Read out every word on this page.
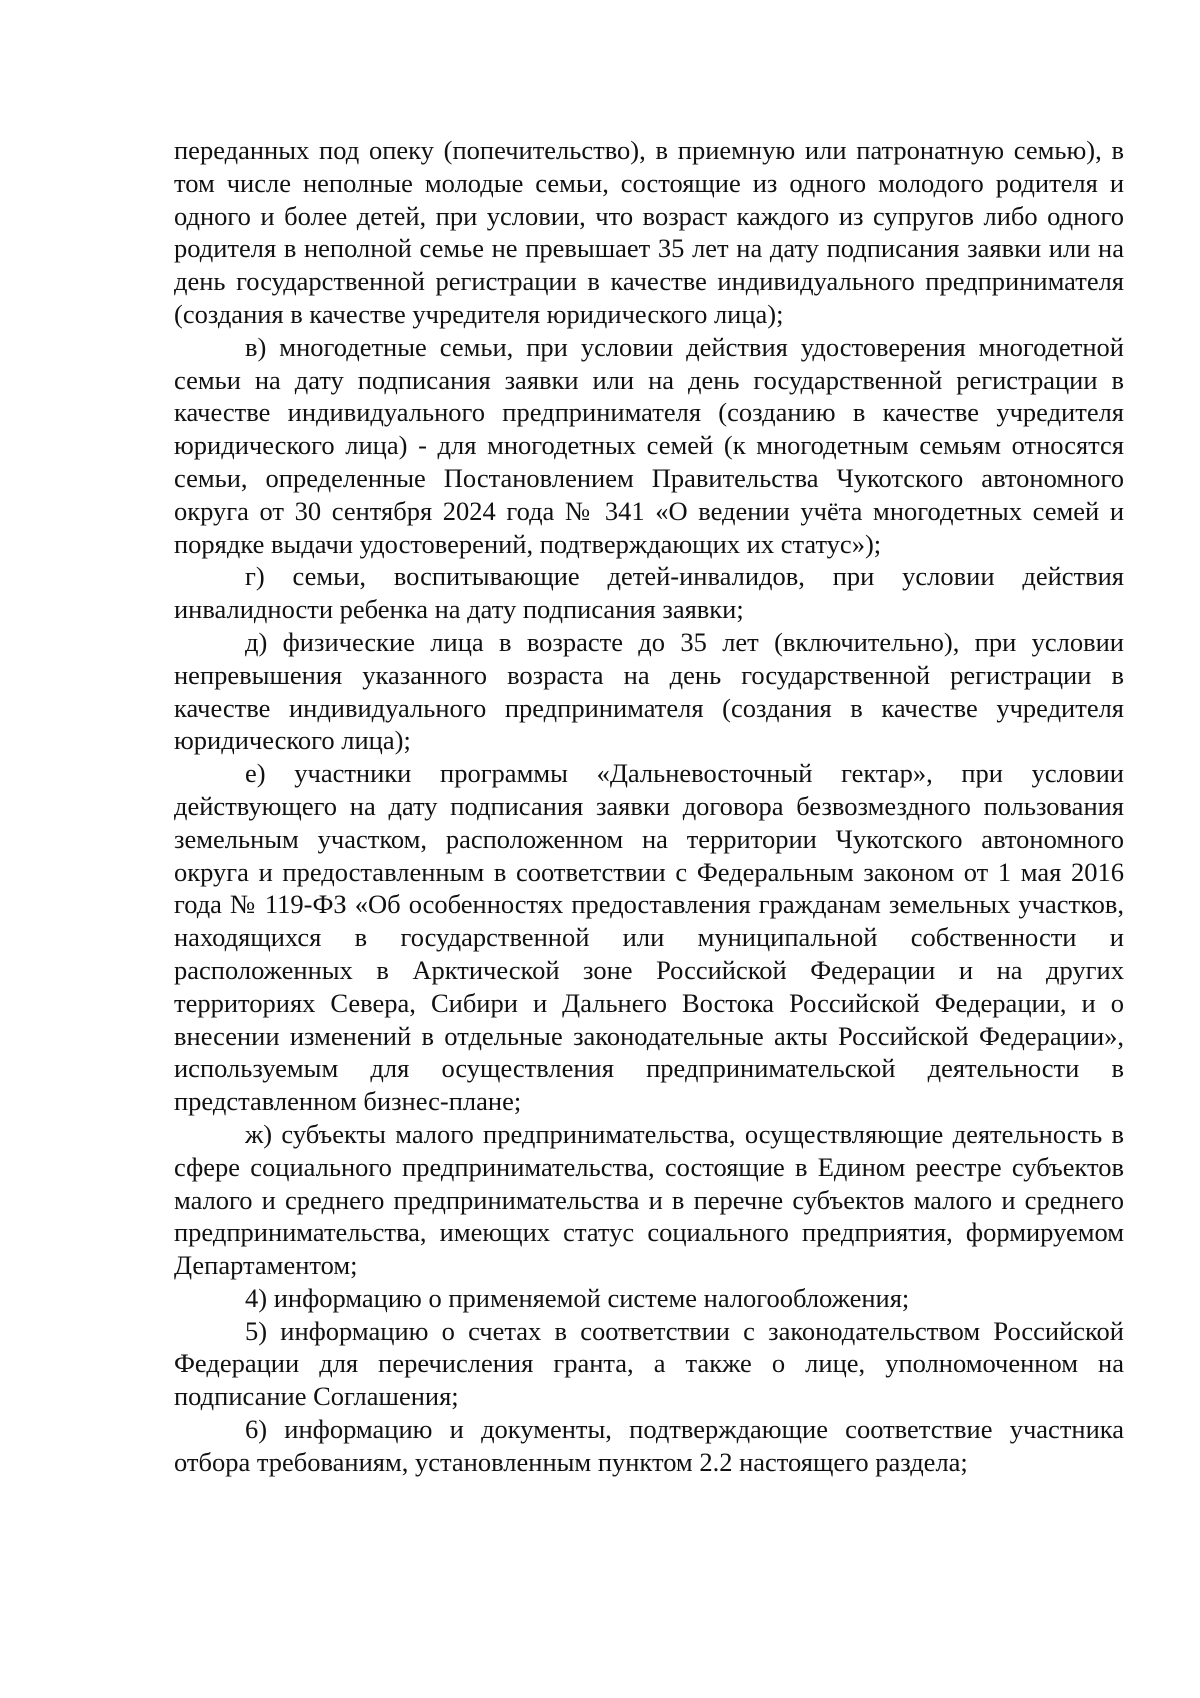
переданных под опеку (попечительство), в приемную или патронатную семью), в том числе неполные молодые семьи, состоящие из одного молодого родителя и одного и более детей, при условии, что возраст каждого из супругов либо одного родителя в неполной семье не превышает 35 лет на дату подписания заявки или на день государственной регистрации в качестве индивидуального предпринимателя (создания в качестве учредителя юридического лица);

в) многодетные семьи, при условии действия удостоверения многодетной семьи на дату подписания заявки или на день государственной регистрации в качестве индивидуального предпринимателя (созданию в качестве учредителя юридического лица) - для многодетных семей (к многодетным семьям относятся семьи, определенные Постановлением Правительства Чукотского автономного округа от 30 сентября 2024 года № 341 «О ведении учёта многодетных семей и порядке выдачи удостоверений, подтверждающих их статус»);

г) семьи, воспитывающие детей-инвалидов, при условии действия инвалидности ребенка на дату подписания заявки;

д) физические лица в возрасте до 35 лет (включительно), при условии непревышения указанного возраста на день государственной регистрации в качестве индивидуального предпринимателя (создания в качестве учредителя юридического лица);

е) участники программы «Дальневосточный гектар», при условии действующего на дату подписания заявки договора безвозмездного пользования земельным участком, расположенном на территории Чукотского автономного округа и предоставленным в соответствии с Федеральным законом от 1 мая 2016 года № 119-ФЗ «Об особенностях предоставления гражданам земельных участков, находящихся в государственной или муниципальной собственности и расположенных в Арктической зоне Российской Федерации и на других территориях Севера, Сибири и Дальнего Востока Российской Федерации, и о внесении изменений в отдельные законодательные акты Российской Федерации», используемым для осуществления предпринимательской деятельности в представленном бизнес-плане;

ж) субъекты малого предпринимательства, осуществляющие деятельность в сфере социального предпринимательства, состоящие в Едином реестре субъектов малого и среднего предпринимательства и в перечне субъектов малого и среднего предпринимательства, имеющих статус социального предприятия, формируемом Департаментом;

4) информацию о применяемой системе налогообложения;

5) информацию о счетах в соответствии с законодательством Российской Федерации для перечисления гранта, а также о лице, уполномоченном на подписание Соглашения;

6) информацию и документы, подтверждающие соответствие участника отбора требованиям, установленным пунктом 2.2 настоящего раздела;
